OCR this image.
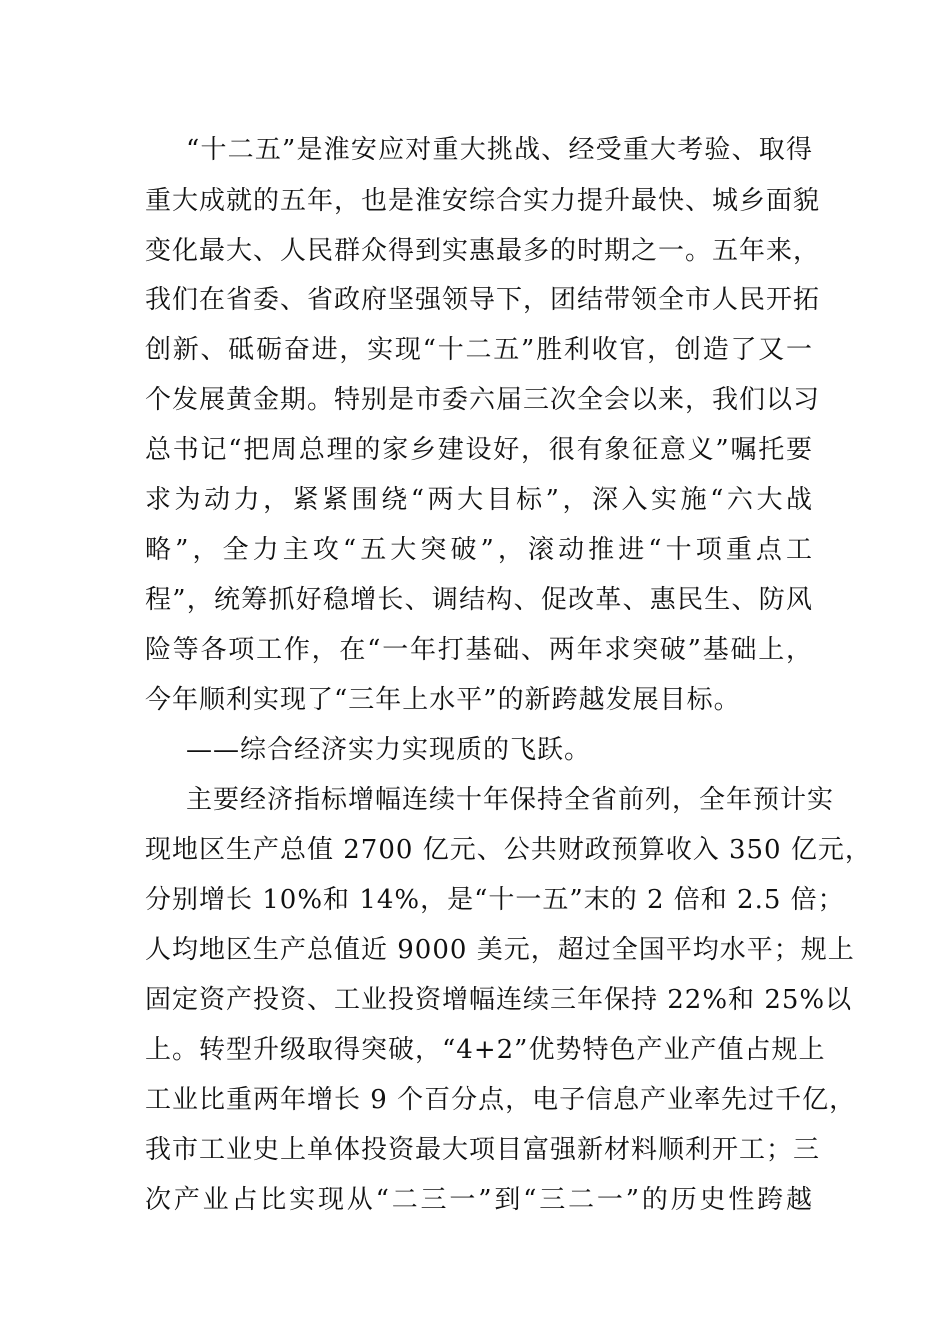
“十二五”是淮安应对重大挑战、经受重大考验、取得
重大成就的五年，也是淮安综合实力提升最快、城乡面貌
变化最大、人民群众得到实惠最多的时期之一。五年来，
我们在省委、省政府坚强领导下，团结带领全市人民开拓
创新、砥砺奋进，实现“十二五”胜利收官，创造了又一
个发展黄金期。特别是市委六届三次全会以来，我们以习
总书记“把周总理的家乡建设好，很有象征意义”嘱托要
求为动力，紧紧围绕“两大目标”，深入实施“六大战
略”，全力主攻“五大突破”，滚动推进“十项重点工
程”，统筹抓好稳增长、调结构、促改革、惠民生、防风
险等各项工作，在“一年打基础、两年求突破”基础上，
今年顺利实现了“三年上水平”的新跨越发展目标。
——综合经济实力实现质的飞跃。
主要经济指标增幅连续十年保持全省前列，全年预计实
现地区生产总值 2700 亿元、公共财政预算收入 350 亿元，
分别增长 10%和 14%，是“十一五”末的 2 倍和 2.5 倍；
人均地区生产总值近 9000 美元，超过全国平均水平；规上
固定资产投资、工业投资增幅连续三年保持 22%和 25%以
上。转型升级取得突破，“4+2”优势特色产业产值占规上
工业比重两年增长 9 个百分点，电子信息产业率先过千亿，
我市工业史上单体投资最大项目富强新材料顺利开工；三
次产业占比实现从“二三一”到“三二一”的历史性跨越
